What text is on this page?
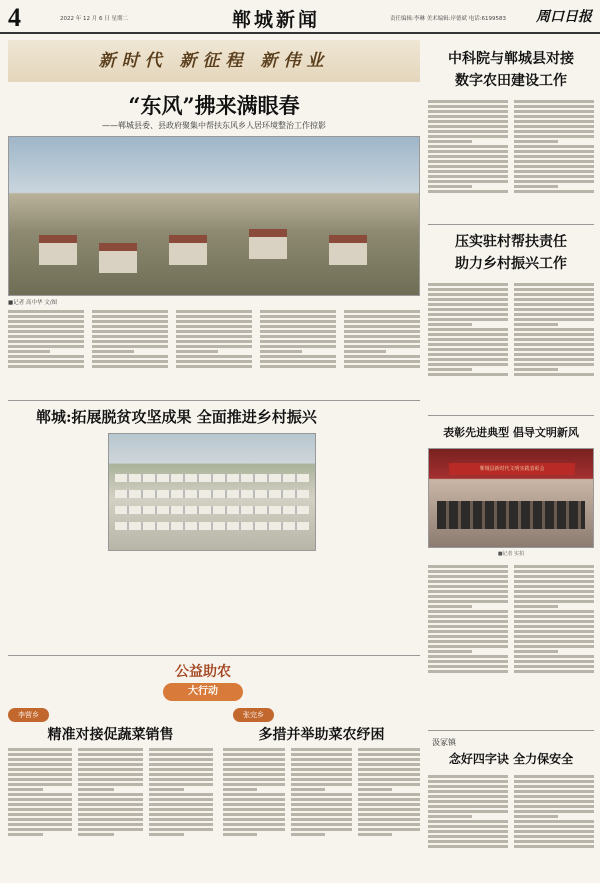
4	2022 年 12 月 6 日 星期二	郸城新闻	责任编辑:李琳 美术编辑:岸德斌 电话:6199583 周口日报
新时代 新征程 新伟业
“东风”拂来满眼春
——郸城县委、县政府聚集中帮扶东风乡人居环境整治工作掠影
■记者 高中华 文/图
郸城:拓展脱贫攻坚成果 全面推进乡村振兴
公益助农
大行动
李营乡	张完乡
精准对接促蔬菜销售	多措并举助菜农纾困
中科院与郸城县对接
数字农田建设工作
压实驻村帮扶责任
助力乡村振兴工作
表彰先进典型 倡导文明新风
郸城县新时代文明实践表彰会
■记者 实拍
汲冢镇
念好四字诀 全力保安全
